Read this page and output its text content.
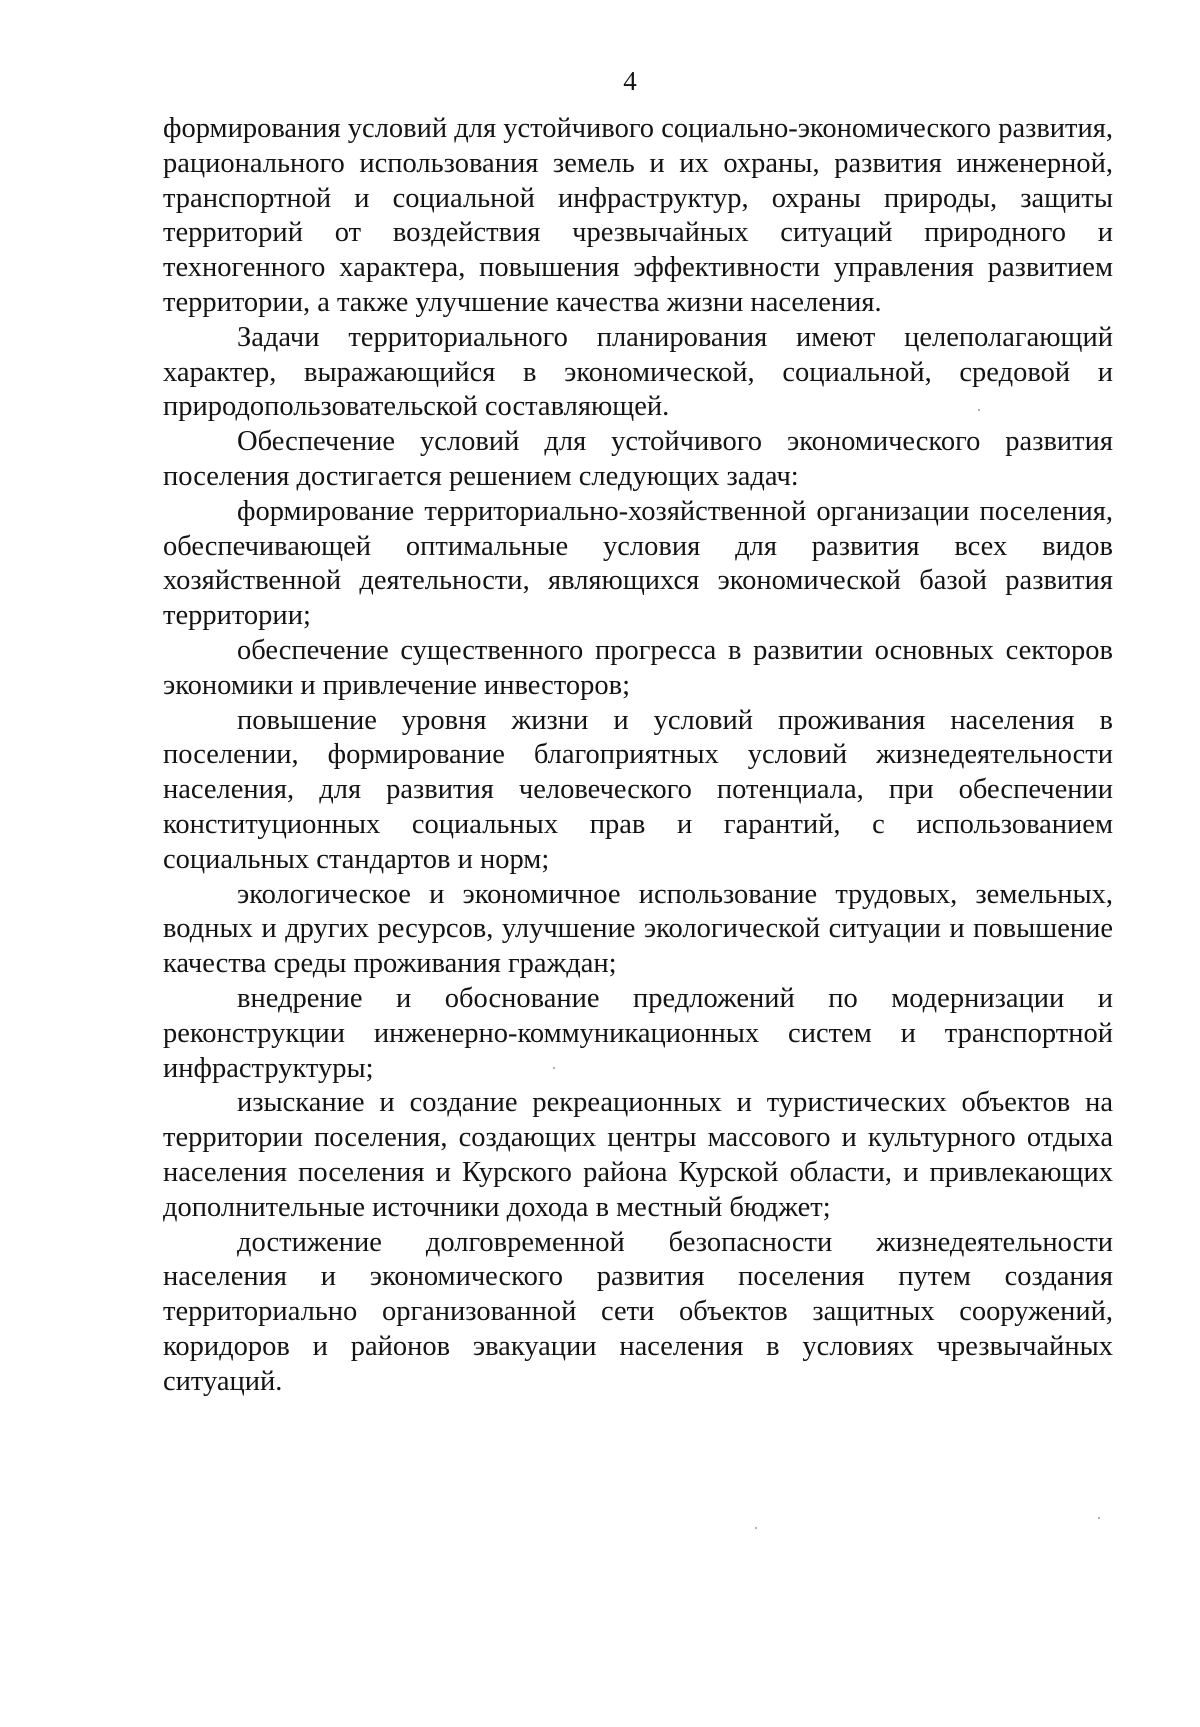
4

формирования условий для устойчивого социально-экономического развития, рационального использования земель и их охраны, развития инженерной, транспортной и социальной инфраструктур, охраны природы, защиты территорий от воздействия чрезвычайных ситуаций природного и техногенного характера, повышения эффективности управления развитием территории, а также улучшение качества жизни населения.

Задачи территориального планирования имеют целеполагающий характер, выражающийся в экономической, социальной, средовой и природопользовательской составляющей.

Обеспечение условий для устойчивого экономического развития поселения достигается решением следующих задач:

формирование территориально-хозяйственной организации поселения, обеспечивающей оптимальные условия для развития всех видов хозяйственной деятельности, являющихся экономической базой развития территории;

обеспечение существенного прогресса в развитии основных секторов экономики и привлечение инвесторов;

повышение уровня жизни и условий проживания населения в поселении, формирование благоприятных условий жизнедеятельности населения, для развития человеческого потенциала, при обеспечении конституционных социальных прав и гарантий, с использованием социальных стандартов и норм;

экологическое и экономичное использование трудовых, земельных, водных и других ресурсов, улучшение экологической ситуации и повышение качества среды проживания граждан;

внедрение и обоснование предложений по модернизации и реконструкции инженерно-коммуникационных систем и транспортной инфраструктуры;

изыскание и создание рекреационных и туристических объектов на территории поселения, создающих центры массового и культурного отдыха населения поселения и Курского района Курской области, и привлекающих дополнительные источники дохода в местный бюджет;

достижение долговременной безопасности жизнедеятельности населения и экономического развития поселения путем создания территориально организованной сети объектов защитных сооружений, коридоров и районов эвакуации населения в условиях чрезвычайных ситуаций.
